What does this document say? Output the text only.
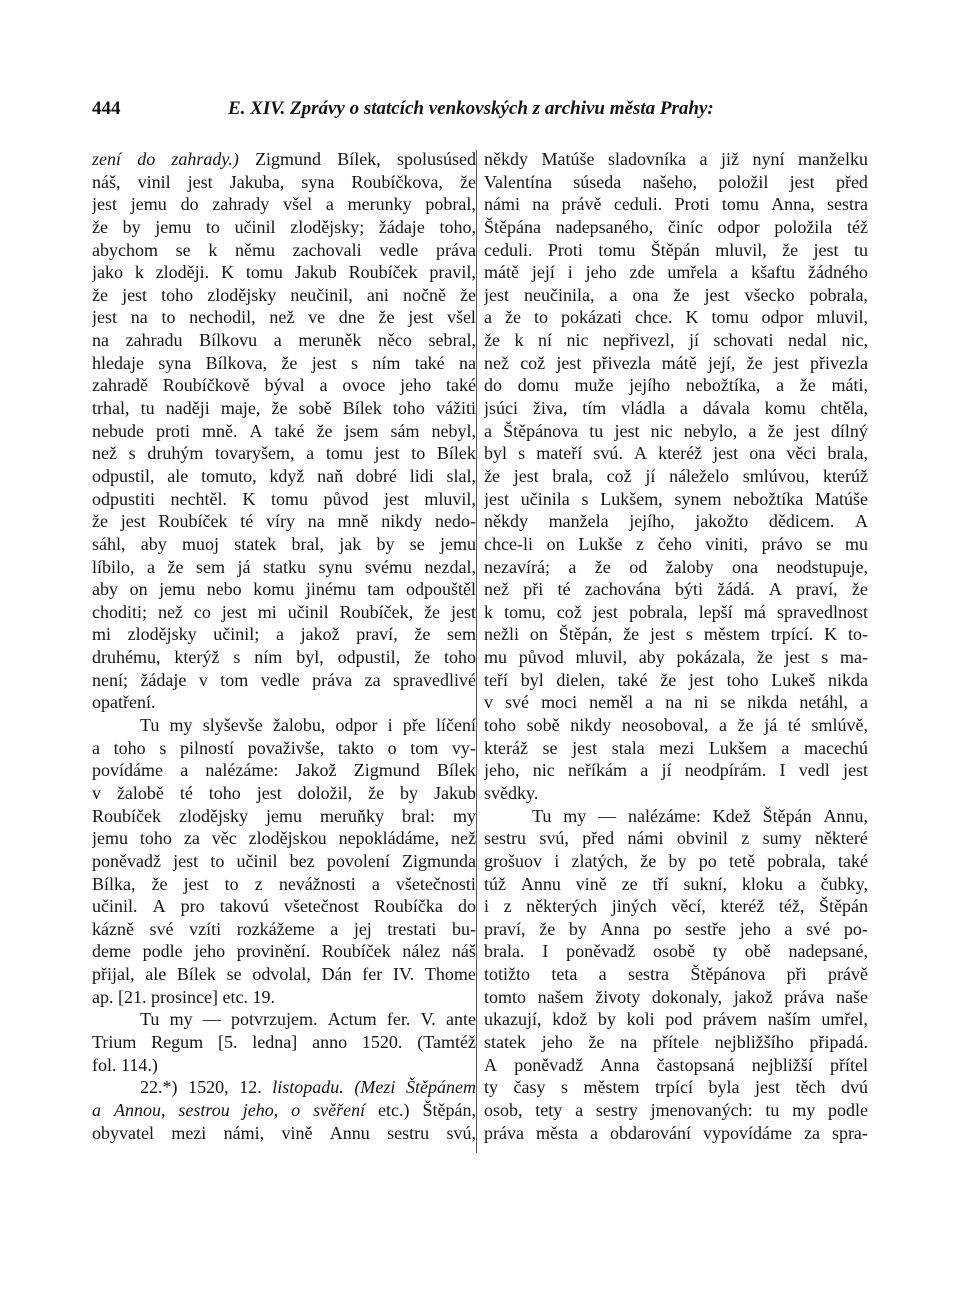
444	E. XIV. Zprávy o statcích venkovských z archivu města Prahy:
zení do zahrady.) Zigmund Bílek, spolusúsed
náš, vinil jest Jakuba, syna Roubíčkova, že
jest jemu do zahrady všel a merunky pobral,
že by jemu to učinil zlodějsky; žádaje toho,
abychom se k němu zachovali vedle práva
jako k zloději. K tomu Jakub Roubíček pravil,
že jest toho zlodějsky neučinil, ani nočně že
jest na to nechodil, než ve dne že jest všel
na zahradu Bílkovu a meruněk něco sebral,
hledaje syna Bílkova, že jest s ním také na
zahradě Roubíčkově býval a ovoce jeho také
trhal, tu naději maje, že sobě Bílek toho vážiti
nebude proti mně. A také že jsem sám nebyl,
než s druhým tovaryšem, a tomu jest to Bílek
odpustil, ale tomuto, když naň dobré lidi slal,
odpustiti nechtěl. K tomu původ jest mluvil,
že jest Roubíček té víry na mně nikdy nedo-
sáhl, aby muoj statek bral, jak by se jemu
líbilo, a že sem já statku synu svému nezdal,
aby on jemu nebo komu jinému tam odpouštěl
choditi; než co jest mi učinil Roubíček, že jest
mi zlodějsky učinil; a jakož praví, že sem
druhému, kterýž s ním byl, odpustil, že toho
není; žádaje v tom vedle práva za spravedlivé
opatření.
Tu my slyševše žalobu, odpor i pře líčení
a toho s pilností považivše, takto o tom vy-
povídáme a nalézáme: Jakož Zigmund Bílek
v žalobě té toho jest doložil, že by Jakub
Roubíček zlodějsky jemu meruňky bral: my
jemu toho za věc zlodějskou nepokládáme, než
poněvadž jest to učinil bez povolení Zigmunda
Bílka, že jest to z nevážnosti a všetečnosti
učinil. A pro takovú všetečnost Roubíčka do
kázně své vzíti rozkážeme a jej trestati bu-
deme podle jeho provinění. Roubíček nález náš
přijal, ale Bílek se odvolal, Dán fer IV. Thome
ap. [21. prosince] etc. 19.
Tu my — potvrzujem. Actum fer. V. ante
Trium Regum [5. ledna] anno 1520. (Tamtéž
fol. 114.)
22.*) 1520, 12. listopadu. (Mezi Štěpánem
a Annou, sestrou jeho, o svěření etc.) Štěpán,
obyvatel mezi námi, vině Annu sestru svú,
někdy Matúše sladovníka a již nyní manželku
Valentína súseda našeho, položil jest před
námi na právě ceduli. Proti tomu Anna, sestra
Štěpána nadepsaného, činíc odpor položila též
ceduli. Proti tomu Štěpán mluvil, že jest tu
mátě její i jeho zde umřela a kšaftu žádného
jest neučinila, a ona že jest všecko pobrala,
a že to pokázati chce. K tomu odpor mluvil,
že k ní nic nepřivezl, jí schovati nedal nic,
než což jest přivezla mátě její, že jest přivezla
do domu muže jejího nebožtíka, a že máti,
jsúci živa, tím vládla a dávala komu chtěla,
a Štěpánova tu jest nic nebylo, a že jest dílný
byl s mateří svú. A kteréž jest ona věci brala,
že jest brala, což jí náleželo smlúvou, kterúž
jest učinila s Lukšem, synem nebožtíka Matúše
někdy manžela jejího, jakožto dědicem. A
chce-li on Lukše z čeho viniti, právo se mu
nezavírá; a že od žaloby ona neodstupuje,
než při té zachována býti žádá. A praví, že
k tomu, což jest pobrala, lepší má spravedlnost
nežli on Štěpán, že jest s městem trpící. K to-
mu původ mluvil, aby pokázala, že jest s ma-
teří byl dielen, také že jest toho Lukeš nikda
v své moci neměl a na ni se nikda netáhl, a
toho sobě nikdy neosoboval, a že já té smlúvě,
kteráž se jest stala mezi Lukšem a macechú
jeho, nic neříkám a jí neodpírám. I vedl jest
svědky.
Tu my — nalézáme: Kdež Štěpán Annu,
sestru svú, před námi obvinil z sumy některé
grošuov i zlatých, že by po tetě pobrala, také
túž Annu vině ze tří sukní, kloku a čubky,
i z některých jiných věcí, kteréž též, Štěpán
praví, že by Anna po sestře jeho a své po-
brala. I poněvadž osobě ty obě nadepsané,
totižto teta a sestra Štěpánova při právě
tomto našem životy dokonaly, jakož práva naše
ukazují, kdož by koli pod právem naším umřel,
statek jeho že na přítele nejbližšího připadá.
A poněvadž Anna častopsaná nejbližší přítel
ty časy s městem trpící byla jest těch dvú
osob, tety a sestry jmenovaných: tu my podle
práva města a obdarování vypovídáme za spra-
